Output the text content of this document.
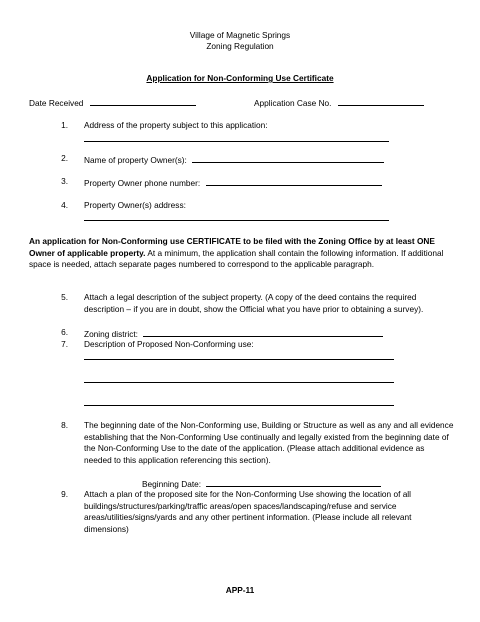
Village of Magnetic Springs
Zoning Regulation
Application for Non-Conforming Use Certificate
Date Received	Application Case No.
1. Address of the property subject to this application:
2. Name of property Owner(s):
3. Property Owner phone number:
4. Property Owner(s) address:
An application for Non-Conforming use CERTIFICATE to be filed with the Zoning Office by at least ONE Owner of applicable property. At a minimum, the application shall contain the following information. If additional space is needed, attach separate pages numbered to correspond to the applicable paragraph.
5. Attach a legal description of the subject property. (A copy of the deed contains the required description – if you are in doubt, show the Official what you have prior to obtaining a survey).
6. Zoning district:
7. Description of Proposed Non-Conforming use:
8. The beginning date of the Non-Conforming use, Building or Structure as well as any and all evidence establishing that the Non-Conforming Use continually and legally existed from the beginning date of the Non-Conforming Use to the date of the application. (Please attach additional evidence as needed to this application referencing this section).
Beginning Date:
9. Attach a plan of the proposed site for the Non-Conforming Use showing the location of all buildings/structures/parking/traffic areas/open spaces/landscaping/refuse and service areas/utilities/signs/yards and any other pertinent information. (Please include all relevant dimensions)
APP-11
